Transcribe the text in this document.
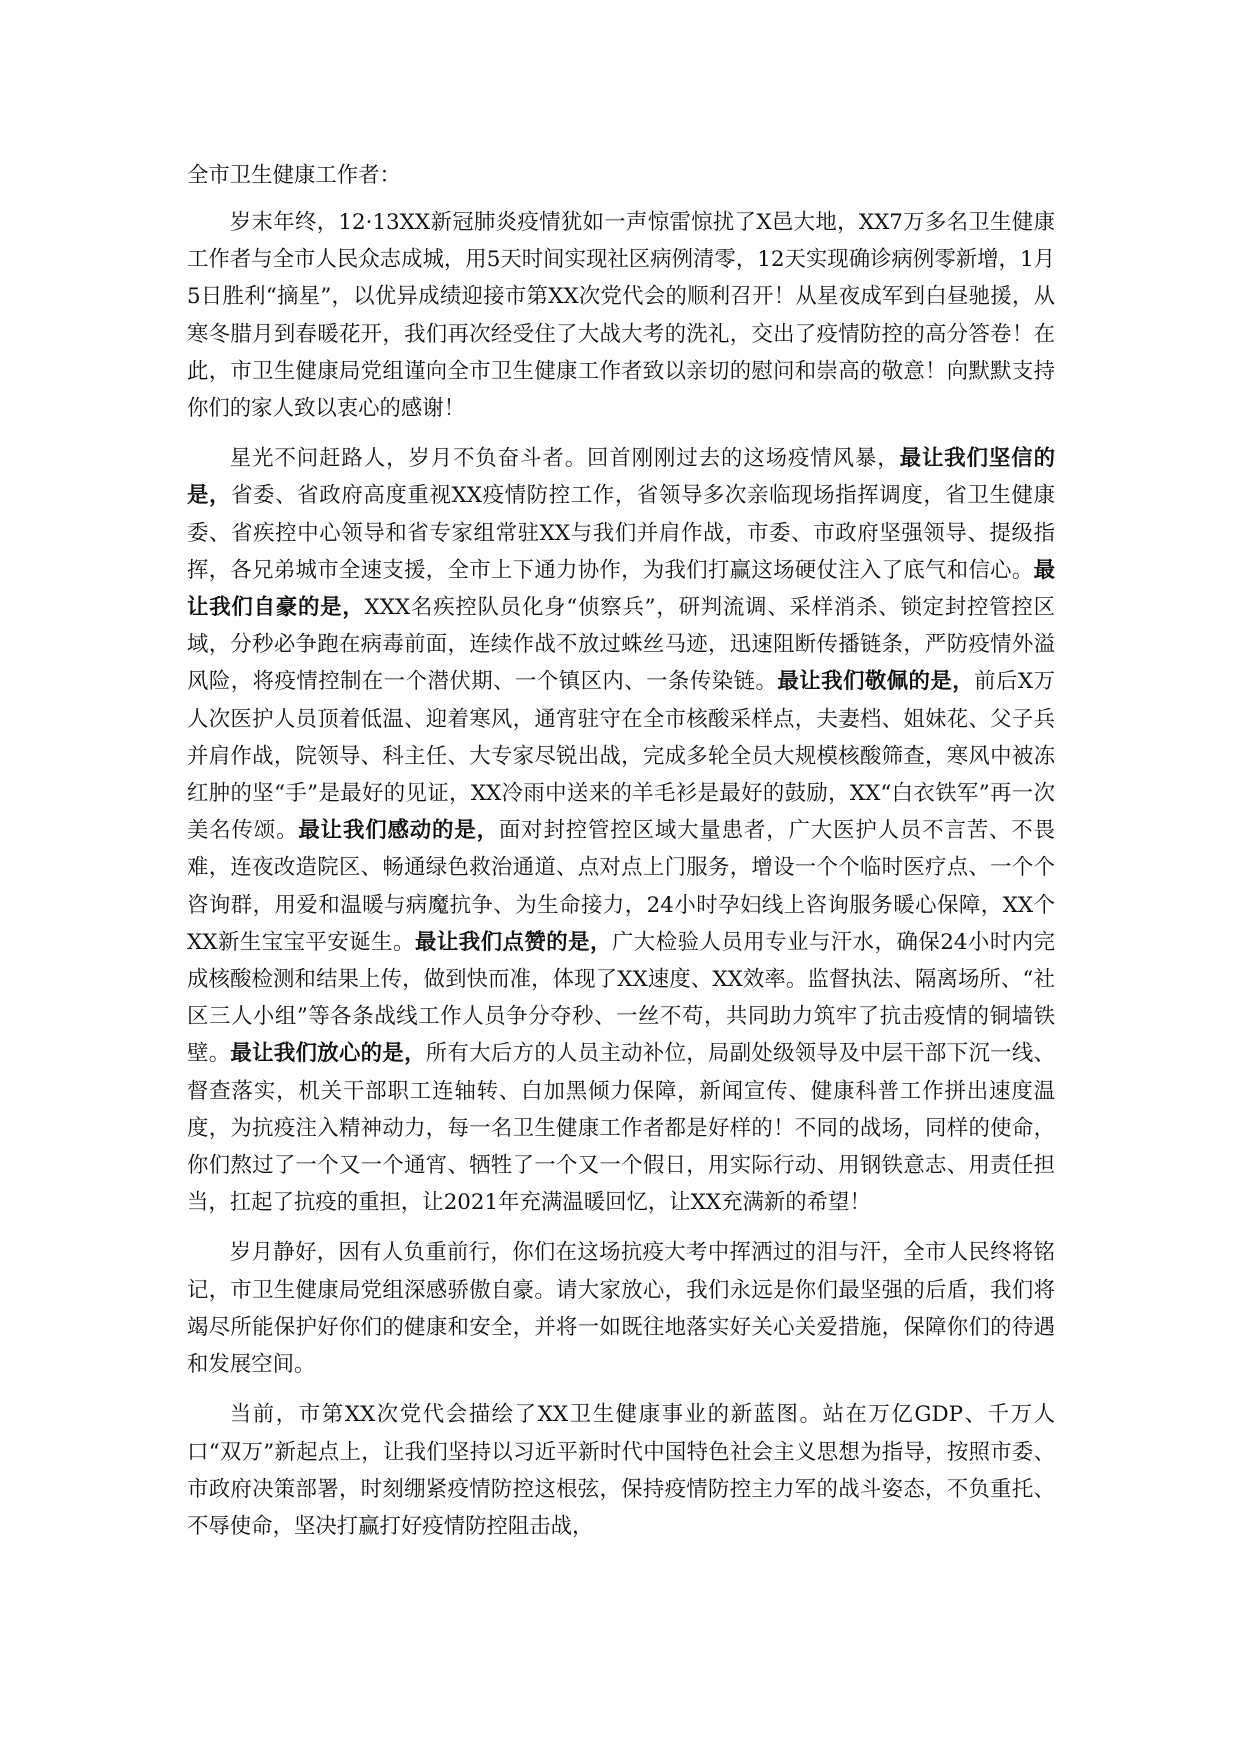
全市卫生健康工作者：

岁末年终，12·13XX新冠肺炎疫情犹如一声惊雷惊扰了X邑大地，XX7万多名卫生健康工作者与全市人民众志成城，用5天时间实现社区病例清零，12天实现确诊病例零新增，1月5日胜利“摘星”，以优异成绩迎接市第XX次党代会的顺利召开！从星夜成军到白昼驰援，从寒冬腊月到春暖花开，我们再次经受住了大战大考的洗礼，交出了疫情防控的高分答卷！在此，市卫生健康局党组谨向全市卫生健康工作者致以亲切的慰问和崇高的敬意！向默默支持你们的家人致以衷心的感谢！

星光不问赶路人，岁月不负奋斗者。回首刚刚过去的这场疫情风暴，最让我们坚信的是，省委、省政府高度重视XX疫情防控工作，省领导多次亲临现场指挥调度，省卫生健康委、省疾控中心领导和省专家组常驻XX与我们并肩作战，市委、市政府坚强领导、提级指挥，各兄弟城市全速支援，全市上下通力协作，为我们打赢这场硬仗注入了底气和信心。最让我们自豪的是，XXX名疾控队员化身“侦察兵”，研判流调、采样消杀、锁定封控管控区域，分秒必争跑在病毒前面，连续作战不放过蛛丝马迹，迅速阻断传播链条，严防疫情外溢风险，将疫情控制在一个潜伏期、一个镇区内、一条传染链。最让我们敬佩的是，前后X万人次医护人员顶着低温、迎着寒风，通宵驻守在全市核酸采样点，夫妻档、姐妹花、父子兵并肩作战，院领导、科主任、大专家尽锐出战，完成多轮全员大规模核酸筛查，寒风中被冻红肿的坚“手”是最好的见证，XX冷雨中送来的羊毛衫是最好的鼓励，XX“白衣铁军”再一次美名传颂。最让我们感动的是，面对封控管控区域大量患者，广大医护人员不言苦、不畏难，连夜改造院区、畅通绿色救治通道、点对点上门服务，增设一个个临时医疗点、一个个咨询群，用爱和温暖与病魔抗争、为生命接力，24小时孕妇线上咨询服务暖心保障，XX个XX新生宝宝平安诞生。最让我们点赞的是，广大检验人员用专业与汗水，确保24小时内完成核酸检测和结果上传，做到快而准，体现了XX速度、XX效率。监督执法、隔离场所、“社区三人小组”等各条战线工作人员争分夺秒、一丝不苟，共同助力筑牢了抗击疫情的铜墙铁壁。最让我们放心的是，所有大后方的人员主动补位，局副处级领导及中层干部下沉一线、督查落实，机关干部职工连轴转、白加黑倾力保障，新闻宣传、健康科普工作拼出速度温度，为抗疫注入精神动力，每一名卫生健康工作者都是好样的！不同的战场，同样的使命，你们熬过了一个又一个通宵、牺牲了一个又一个假日，用实际行动、用钢铁意志、用责任担当，扛起了抗疫的重担，让2021年充满温暖回忆，让XX充满新的希望！

岁月静好，因有人负重前行，你们在这场抗疫大考中挥洒过的泪与汗，全市人民终将铭记，市卫生健康局党组深感骄傲自豪。请大家放心，我们永远是你们最坚强的后盾，我们将竭尽所能保护好你们的健康和安全，并将一如既往地落实好关心关爱措施，保障你们的待遇和发展空间。

当前，市第XX次党代会描绘了XX卫生健康事业的新蓝图。站在万亿GDP、千万人口“双万”新起点上，让我们坚持以习近平新时代中国特色社会主义思想为指导，按照市委、市政府决策部署，时刻绷紧疫情防控这根弦，保持疫情防控主力军的战斗姿态，不负重托、不辱使命，坚决打赢打好疫情防控阻击战，
